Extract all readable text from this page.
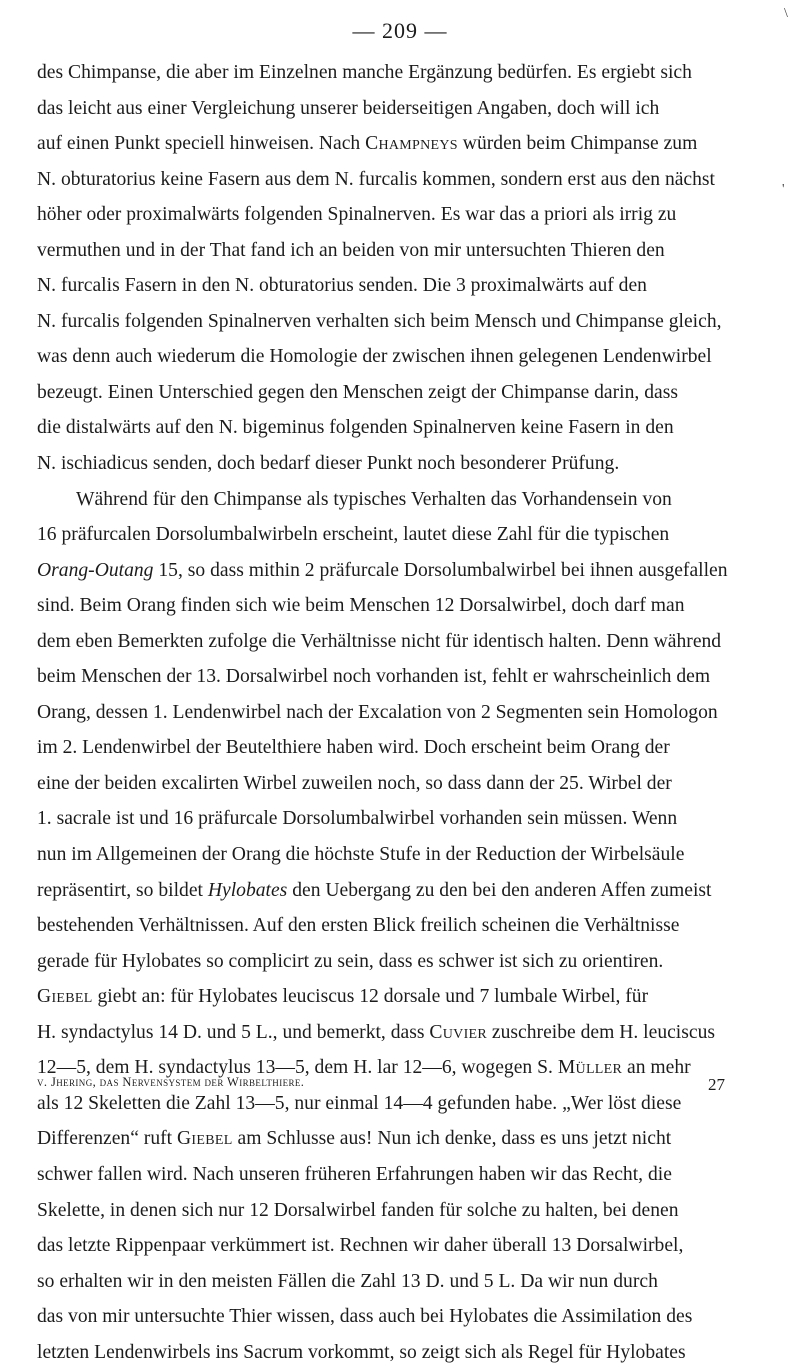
— 209 —
\
'
des Chimpanse, die aber im Einzelnen manche Ergänzung bedürfen. Es ergiebt sich
das leicht aus einer Vergleichung unserer beiderseitigen Angaben, doch will ich
auf einen Punkt speciell hinweisen. Nach Champneys würden beim Chimpanse zum
N. obturatorius keine Fasern aus dem N. furcalis kommen, sondern erst aus den nächst
höher oder proximalwärts folgenden Spinalnerven. Es war das a priori als irrig zu
vermuthen und in der That fand ich an beiden von mir untersuchten Thieren den
N. furcalis Fasern in den N. obturatorius senden. Die 3 proximalwärts auf den
N. furcalis folgenden Spinalnerven verhalten sich beim Mensch und Chimpanse gleich,
was denn auch wiederum die Homologie der zwischen ihnen gelegenen Lendenwirbel
bezeugt. Einen Unterschied gegen den Menschen zeigt der Chimpanse darin, dass
die distalwärts auf den N. bigeminus folgenden Spinalnerven keine Fasern in den
N. ischiadicus senden, doch bedarf dieser Punkt noch besonderer Prüfung.
Während für den Chimpanse als typisches Verhalten das Vorhandensein von
16 präfurcalen Dorsolumbalwirbeln erscheint, lautet diese Zahl für die typischen
Orang-Outang 15, so dass mithin 2 präfurcale Dorsolumbalwirbel bei ihnen ausgefallen
sind. Beim Orang finden sich wie beim Menschen 12 Dorsalwirbel, doch darf man
dem eben Bemerkten zufolge die Verhältnisse nicht für identisch halten. Denn während
beim Menschen der 13. Dorsalwirbel noch vorhanden ist, fehlt er wahrscheinlich dem
Orang, dessen 1. Lendenwirbel nach der Excalation von 2 Segmenten sein Homologon
im 2. Lendenwirbel der Beutelthiere haben wird. Doch erscheint beim Orang der
eine der beiden excalirten Wirbel zuweilen noch, so dass dann der 25. Wirbel der
1. sacrale ist und 16 präfurcale Dorsolumbalwirbel vorhanden sein müssen. Wenn
nun im Allgemeinen der Orang die höchste Stufe in der Reduction der Wirbelsäule
repräsentirt, so bildet Hylobates den Uebergang zu den bei den anderen Affen zumeist
bestehenden Verhältnissen. Auf den ersten Blick freilich scheinen die Verhältnisse
gerade für Hylobates so complicirt zu sein, dass es schwer ist sich zu orientiren.
Giebel giebt an: für Hylobates leuciscus 12 dorsale und 7 lumbale Wirbel, für
H. syndactylus 14 D. und 5 L., und bemerkt, dass Cuvier zuschreibe dem H. leuciscus
12—5, dem H. syndactylus 13—5, dem H. lar 12—6, wogegen S. Müller an mehr
als 12 Skeletten die Zahl 13—5, nur einmal 14—4 gefunden habe. „Wer löst diese
Differenzen“ ruft Giebel am Schlusse aus! Nun ich denke, dass es uns jetzt nicht
schwer fallen wird. Nach unseren früheren Erfahrungen haben wir das Recht, die
Skelette, in denen sich nur 12 Dorsalwirbel fanden für solche zu halten, bei denen
das letzte Rippenpaar verkümmert ist. Rechnen wir daher überall 13 Dorsalwirbel,
so erhalten wir in den meisten Fällen die Zahl 13 D. und 5 L. Da wir nun durch
das von mir untersuchte Thier wissen, dass auch bei Hylobates die Assimilation des
letzten Lendenwirbels ins Sacrum vorkommt, so zeigt sich als Regel für Hylobates
v. Jhering, das Nervensystem der Wirbelthiere.	27
